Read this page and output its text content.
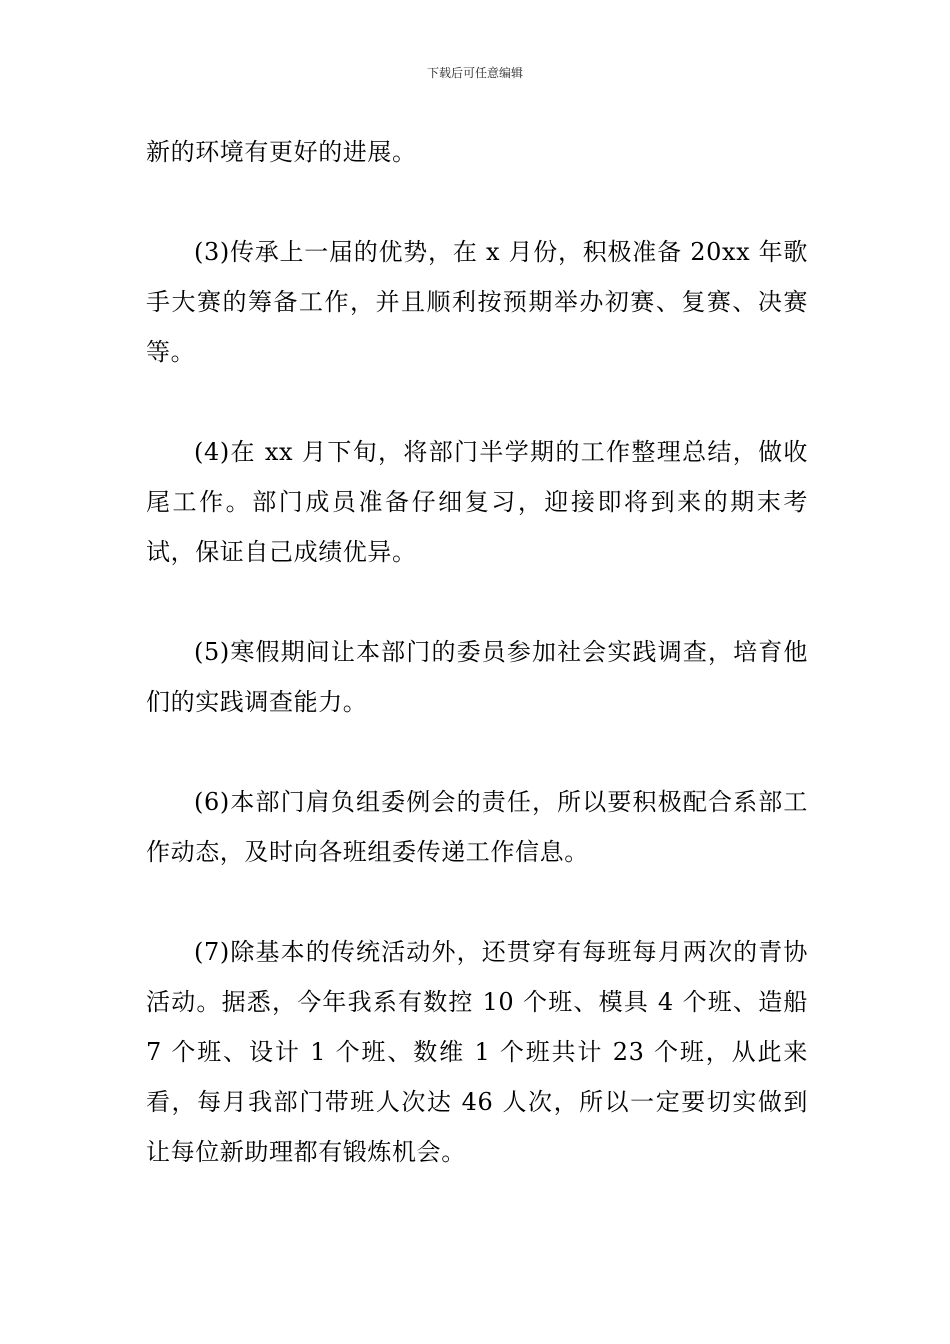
下载后可任意编辑

新的环境有更好的进展。

(3)传承上一届的优势，在 x 月份，积极准备 20xx 年歌手大赛的筹备工作，并且顺利按预期举办初赛、复赛、决赛等。

(4)在 xx 月下旬，将部门半学期的工作整理总结，做收尾工作。部门成员准备仔细复习，迎接即将到来的期末考试，保证自己成绩优异。

(5)寒假期间让本部门的委员参加社会实践调查，培育他们的实践调查能力。

(6)本部门肩负组委例会的责任，所以要积极配合系部工作动态，及时向各班组委传递工作信息。

(7)除基本的传统活动外，还贯穿有每班每月两次的青协活动。据悉，今年我系有数控 10 个班、模具 4 个班、造船 7 个班、设计 1 个班、数维 1 个班共计 23 个班，从此来看，每月我部门带班人次达 46 人次，所以一定要切实做到让每位新助理都有锻炼机会。
